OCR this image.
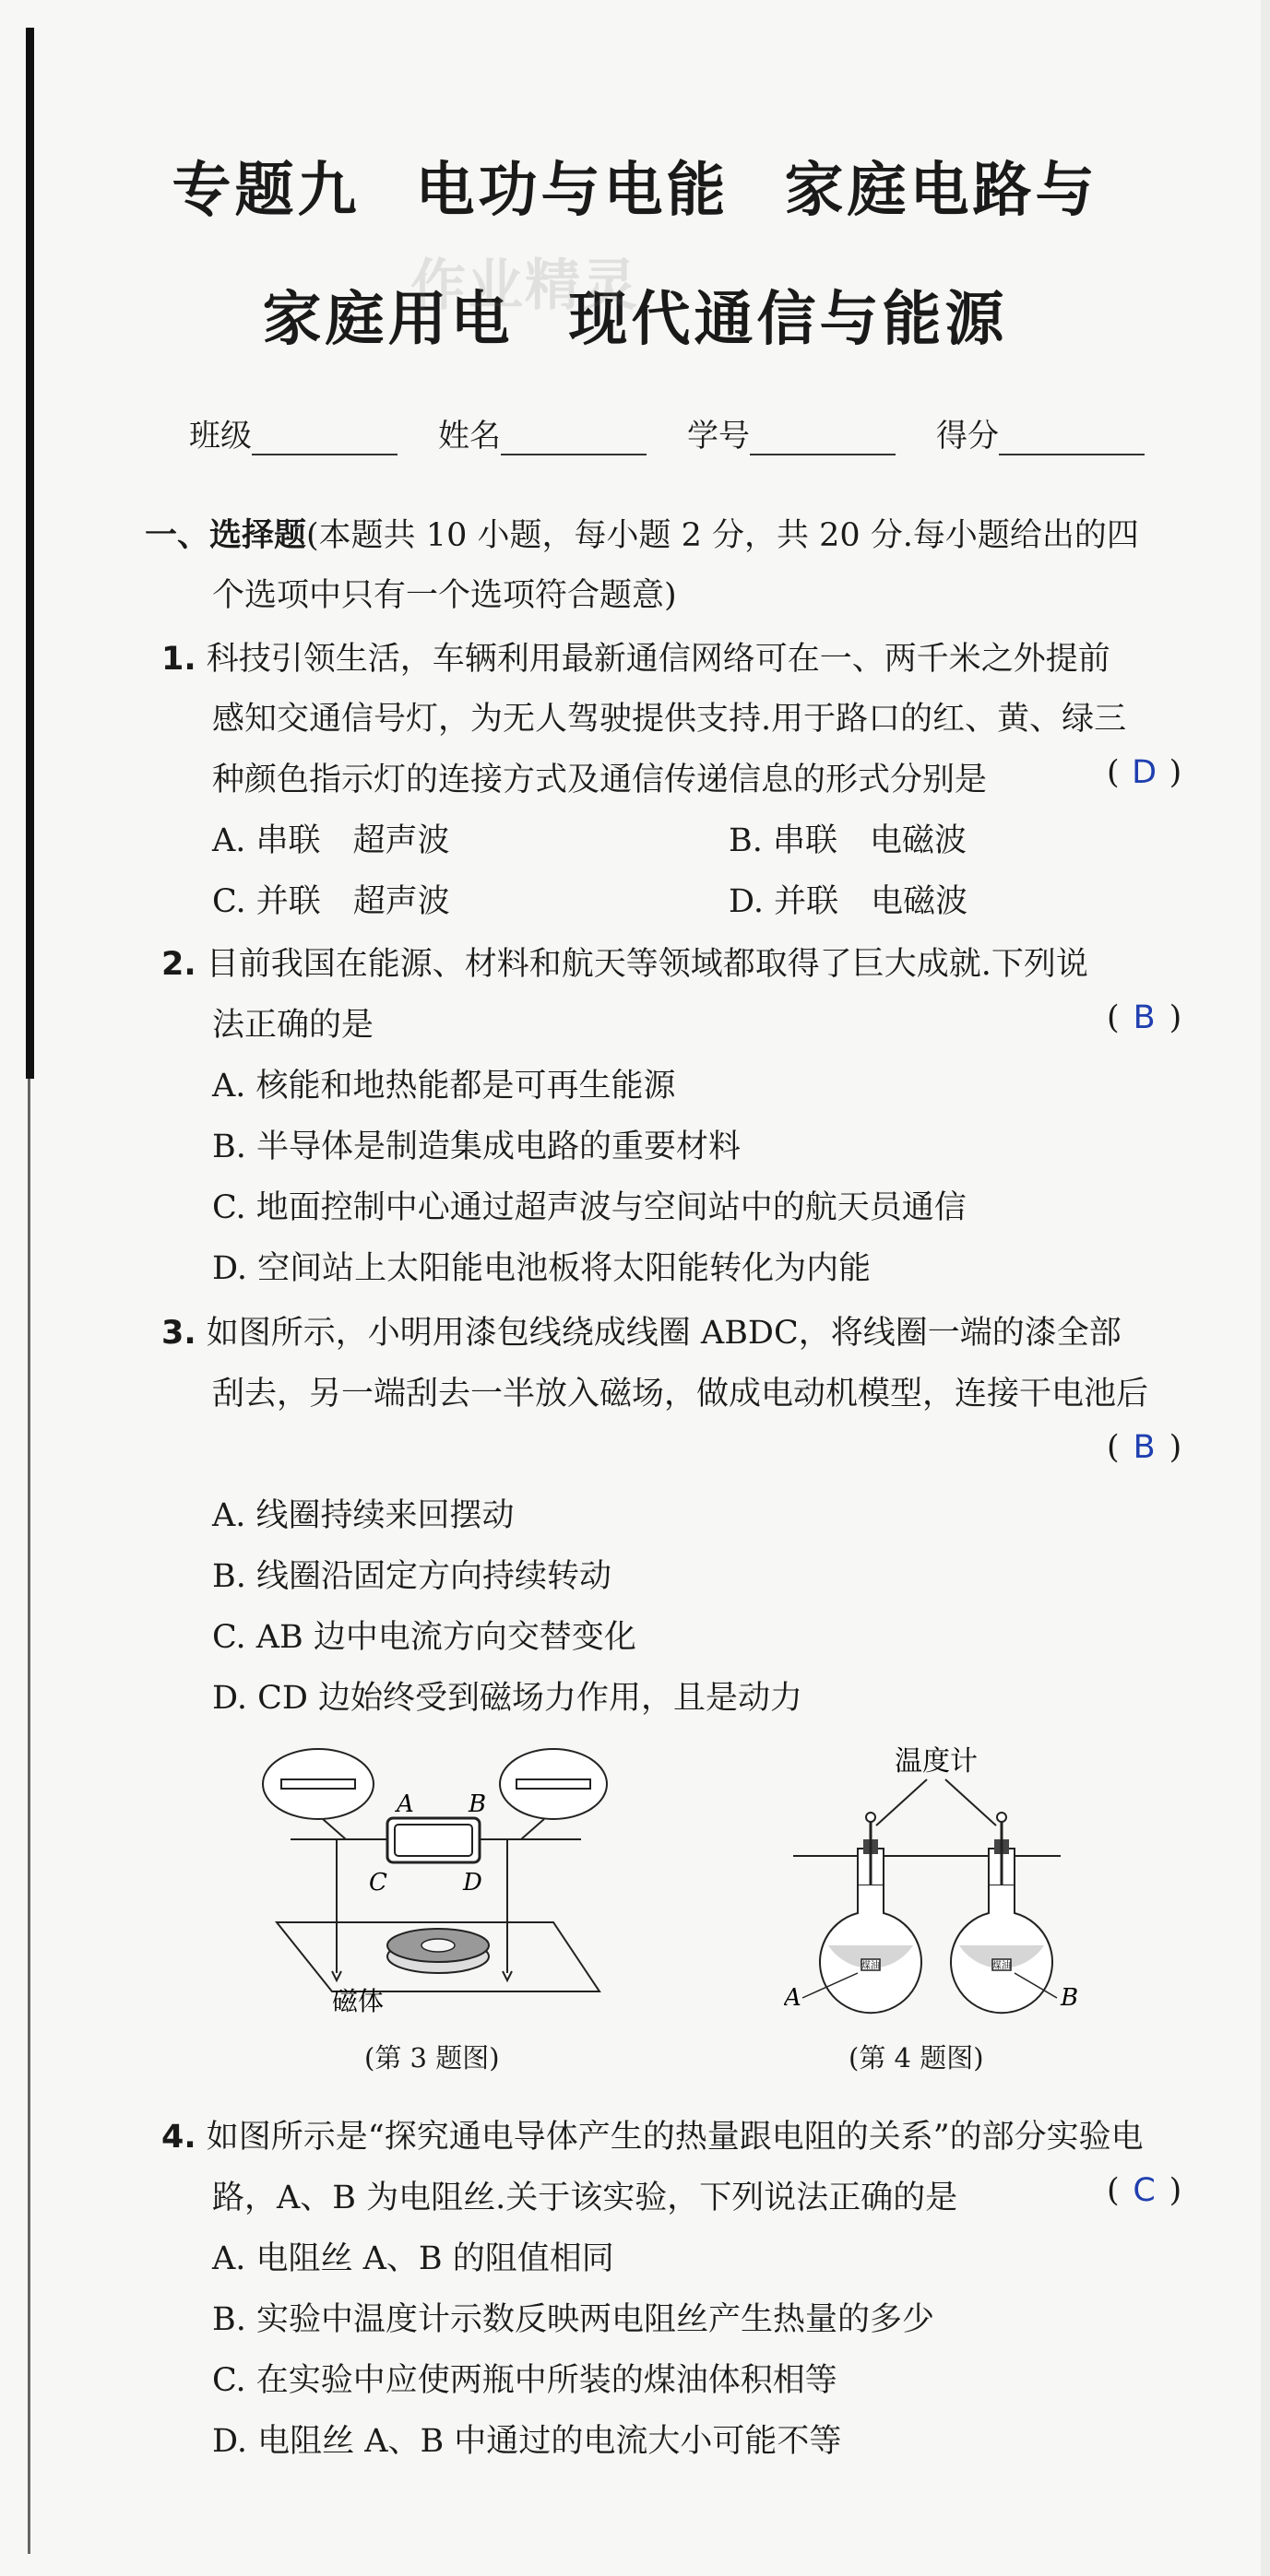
专题九 电功与电能 家庭电路与
家庭用电 现代通信与能源
作业精灵
班级	姓名	学号	得分
一、选择题(本题共 10 小题，每小题 2 分，共 20 分.每小题给出的四
个选项中只有一个选项符合题意)
1. 科技引领生活，车辆利用最新通信网络可在一、两千米之外提前
感知交通信号灯，为无人驾驶提供支持.用于路口的红、黄、绿三
种颜色指示灯的连接方式及通信传递信息的形式分别是	( D )
A. 串联　超声波	B. 串联　电磁波
C. 并联　超声波	D. 并联　电磁波
2. 目前我国在能源、材料和航天等领域都取得了巨大成就.下列说
法正确的是	( B )
A. 核能和地热能都是可再生能源
B. 半导体是制造集成电路的重要材料
C. 地面控制中心通过超声波与空间站中的航天员通信
D. 空间站上太阳能电池板将太阳能转化为内能
3. 如图所示，小明用漆包线绕成线圈 ABDC，将线圈一端的漆全部
刮去，另一端刮去一半放入磁场，做成电动机模型，连接干电池后
( B )
A. 线圈持续来回摆动
B. 线圈沿固定方向持续转动
C. AB 边中电流方向交替变化
D. CD 边始终受到磁场力作用，且是动力
A B
C	D
磁体
(第 3 题图)
温度计
煤油	煤油
A	B
(第 4 题图)
4. 如图所示是“探究通电导体产生的热量跟电阻的关系”的部分实验电
路，A、B 为电阻丝.关于该实验，下列说法正确的是	( C )
A. 电阻丝 A、B 的阻值相同
B. 实验中温度计示数反映两电阻丝产生热量的多少
C. 在实验中应使两瓶中所装的煤油体积相等
D. 电阻丝 A、B 中通过的电流大小可能不等
